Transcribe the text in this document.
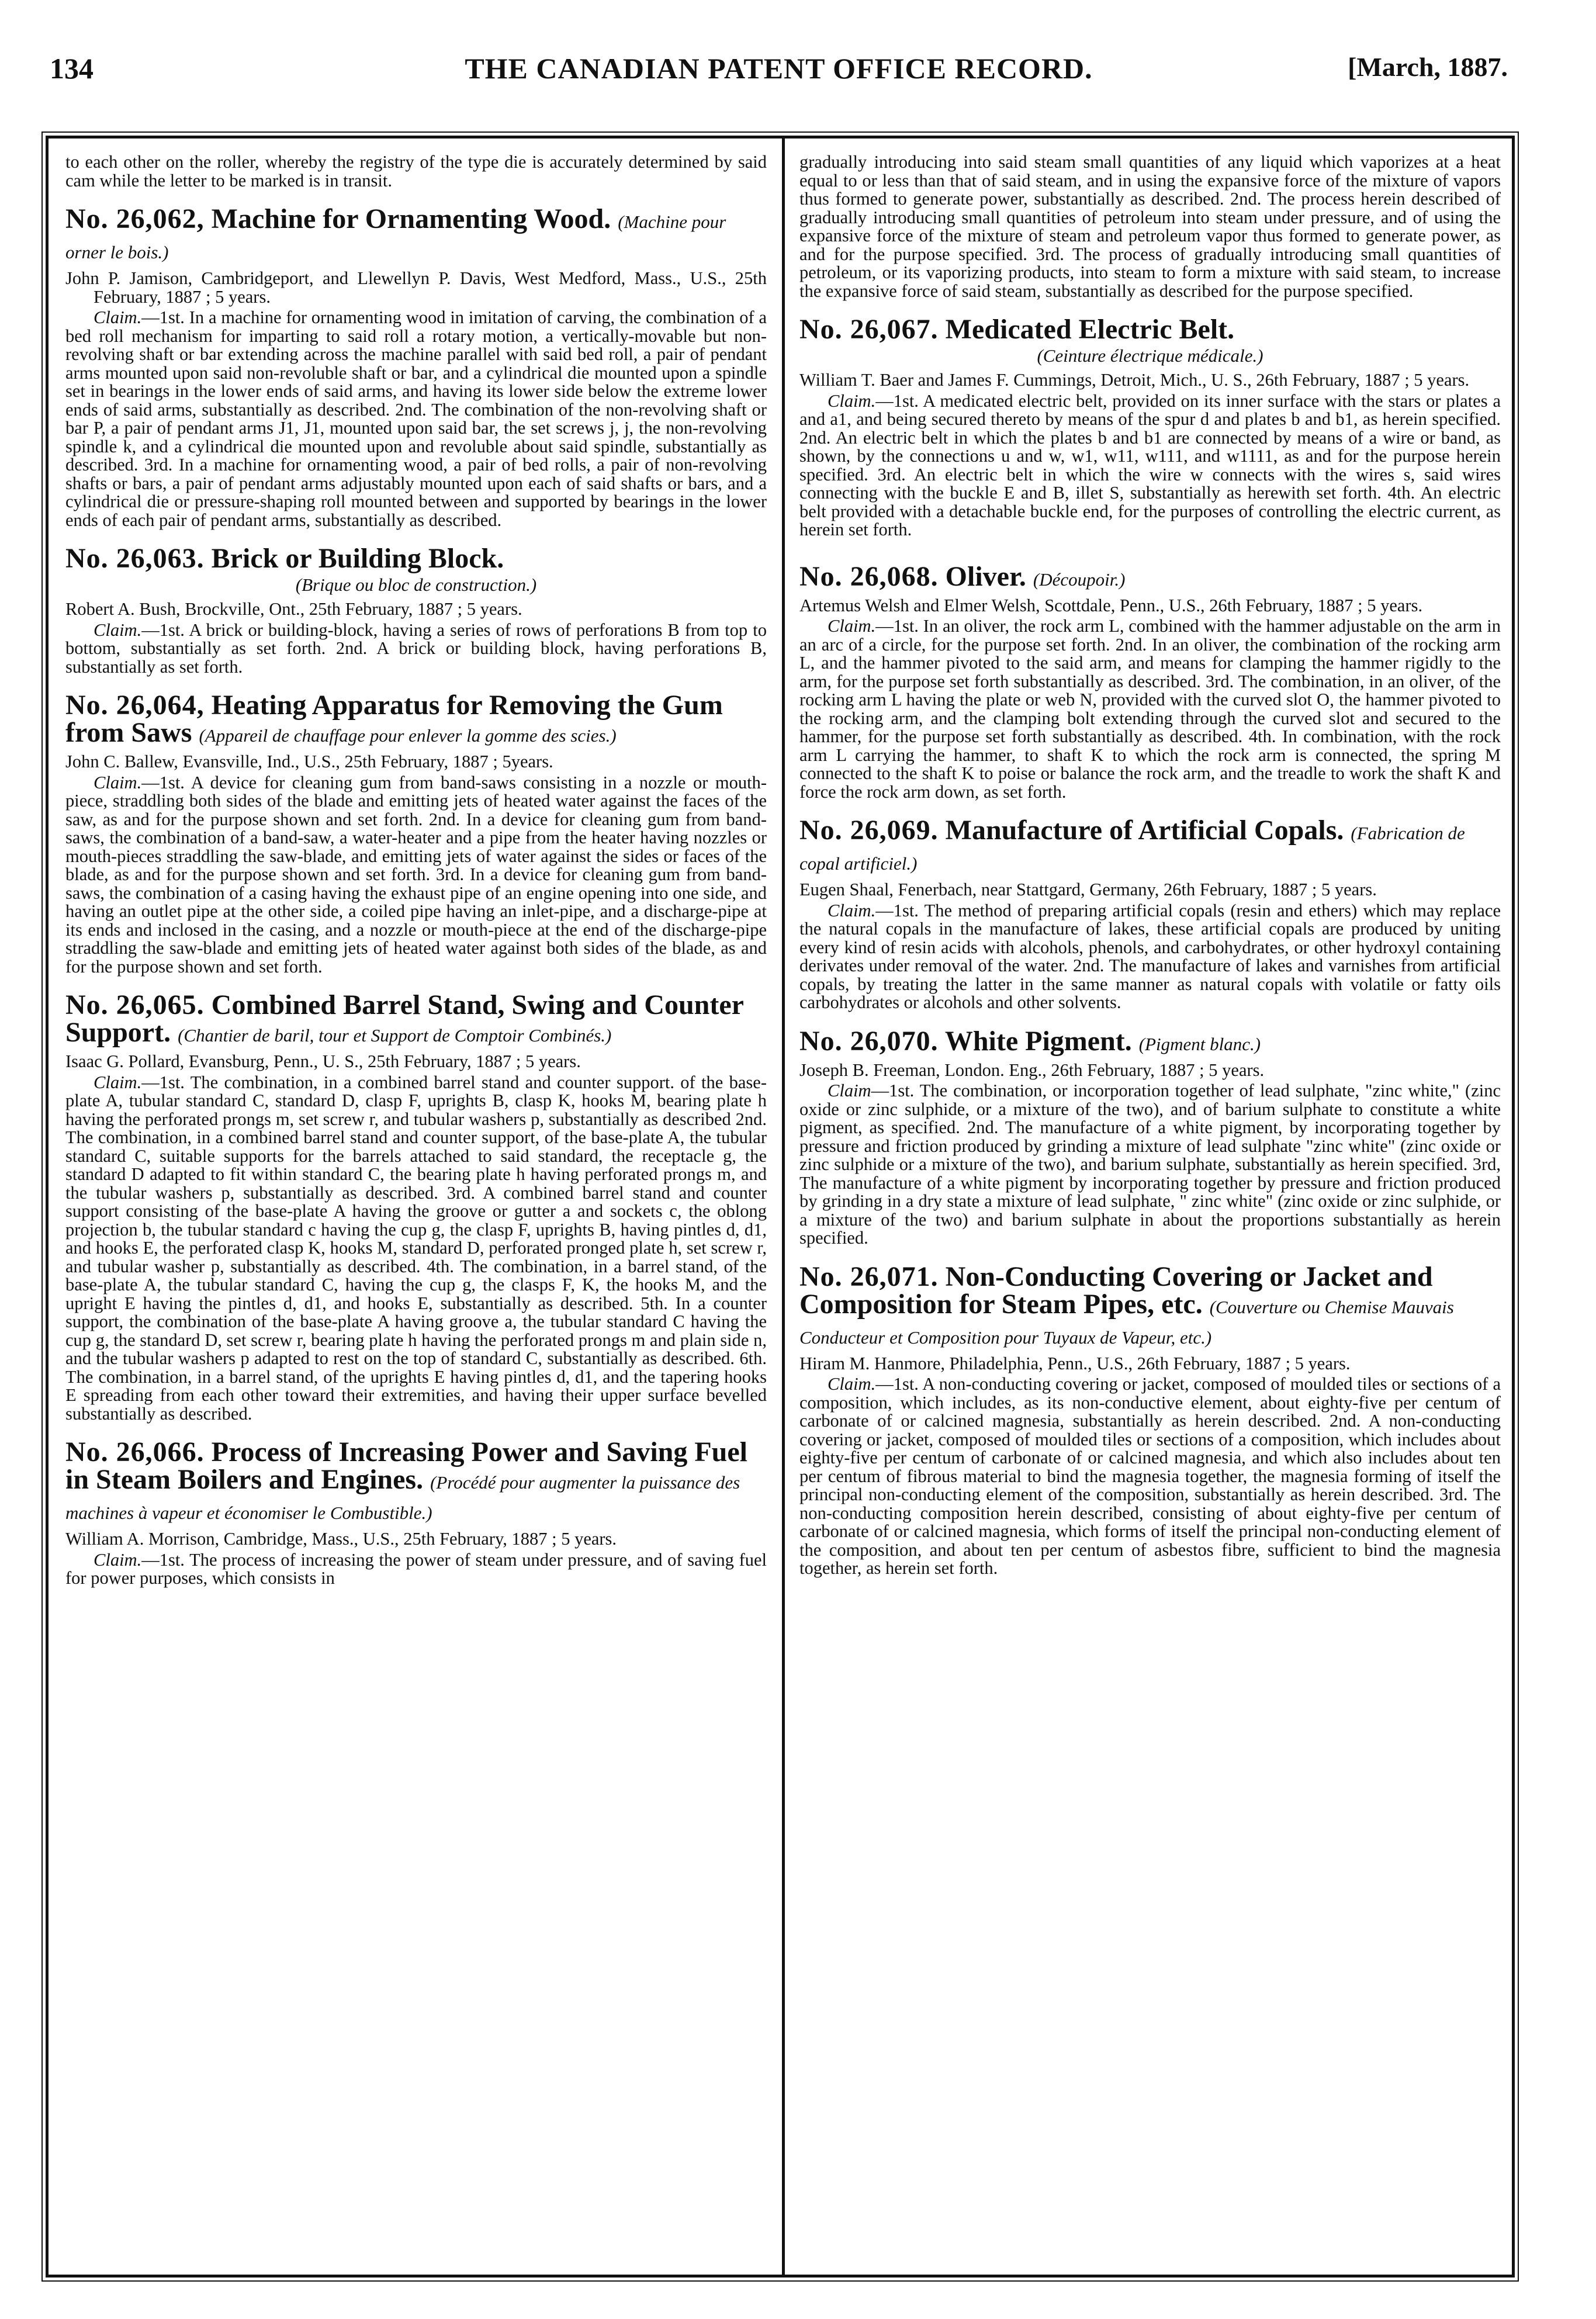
134	THE CANADIAN PATENT OFFICE RECORD.	[March, 1887.

to each other on the roller, whereby the registry of the type die is accurately determined by said cam while the letter to be marked is in transit.

No. 26,062, Machine for Ornamenting Wood. (Machine pour orner le bois.)

John P. Jamison, Cambridgeport, and Llewellyn P. Davis, West Medford, Mass., U.S., 25th February, 1887 ; 5 years.

Claim.—1st. In a machine for ornamenting wood in imitation of carving, the combination of a bed roll mechanism for imparting to said roll a rotary motion, a vertically-movable but non-revolving shaft or bar extending across the machine parallel with said bed roll, a pair of pendant arms mounted upon said non-revoluble shaft or bar, and a cylindrical die mounted upon a spindle set in bearings in the lower ends of said arms, and having its lower side below the extreme lower ends of said arms, substantially as described. 2nd. The combination of the non-revolving shaft or bar P, a pair of pendant arms J1, J1, mounted upon said bar, the set screws j, j, the non-revolving spindle k, and a cylindrical die mounted upon and revoluble about said spindle, substantially as described. 3rd. In a machine for ornamenting wood, a pair of bed rolls, a pair of non-revolving shafts or bars, a pair of pendant arms adjustably mounted upon each of said shafts or bars, and a cylindrical die or pressure-shaping roll mounted between and supported by bearings in the lower ends of each pair of pendant arms, substantially as described.

No. 26,063. Brick or Building Block.

(Brique ou bloc de construction.)

Robert A. Bush, Brockville, Ont., 25th February, 1887 ; 5 years.

Claim.—1st. A brick or building-block, having a series of rows of perforations B from top to bottom, substantially as set forth. 2nd. A brick or building block, having perforations B, substantially as set forth.

No. 26,064, Heating Apparatus for Removing the Gum from Saws (Appareil de chauffage pour enlever la gomme des scies.)

John C. Ballew, Evansville, Ind., U.S., 25th February, 1887 ; 5years.

Claim.—1st. A device for cleaning gum from band-saws consisting in a nozzle or mouth-piece, straddling both sides of the blade and emitting jets of heated water against the faces of the saw, as and for the purpose shown and set forth. 2nd. In a device for cleaning gum from band-saws, the combination of a band-saw, a water-heater and a pipe from the heater having nozzles or mouth-pieces straddling the saw-blade, and emitting jets of water against the sides or faces of the blade, as and for the purpose shown and set forth. 3rd. In a device for cleaning gum from band-saws, the combination of a casing having the exhaust pipe of an engine opening into one side, and having an outlet pipe at the other side, a coiled pipe having an inlet-pipe, and a discharge-pipe at its ends and inclosed in the casing, and a nozzle or mouth-piece at the end of the discharge-pipe straddling the saw-blade and emitting jets of heated water against both sides of the blade, as and for the purpose shown and set forth.

No. 26,065. Combined Barrel Stand, Swing and Counter Support. (Chantier de baril, tour et Support de Comptoir Combinés.)

Isaac G. Pollard, Evansburg, Penn., U. S., 25th February, 1887 ; 5 years.

Claim.—1st. The combination, in a combined barrel stand and counter support. of the base-plate A, tubular standard C, standard D, clasp F, uprights B, clasp K, hooks M, bearing plate h having the perforated prongs m, set screw r, and tubular washers p, substantially as described 2nd. The combination, in a combined barrel stand and counter support, of the base-plate A, the tubular standard C, suitable supports for the barrels attached to said standard, the receptacle g, the standard D adapted to fit within standard C, the bearing plate h having perforated prongs m, and the tubular washers p, substantially as described. 3rd. A combined barrel stand and counter support consisting of the base-plate A having the groove or gutter a and sockets c, the oblong projection b, the tubular standard c having the cup g, the clasp F, uprights B, having pintles d, d1, and hooks E, the perforated clasp K, hooks M, standard D, perforated pronged plate h, set screw r, and tubular washer p, substantially as described. 4th. The combination, in a barrel stand, of the base-plate A, the tubular standard C, having the cup g, the clasps F, K, the hooks M, and the upright E having the pintles d, d1, and hooks E, substantially as described. 5th. In a counter support, the combination of the base-plate A having groove a, the tubular standard C having the cup g, the standard D, set screw r, bearing plate h having the perforated prongs m and plain side n, and the tubular washers p adapted to rest on the top of standard C, substantially as described. 6th. The combination, in a barrel stand, of the uprights E having pintles d, d1, and the tapering hooks E spreading from each other toward their extremities, and having their upper surface bevelled substantially as described.

No. 26,066. Process of Increasing Power and Saving Fuel in Steam Boilers and Engines. (Procédé pour augmenter la puissance des machines à vapeur et économiser le Combustible.)

William A. Morrison, Cambridge, Mass., U.S., 25th February, 1887 ; 5 years.

Claim.—1st. The process of increasing the power of steam under pressure, and of saving fuel for power purposes, which consists in

gradually introducing into said steam small quantities of any liquid which vaporizes at a heat equal to or less than that of said steam, and in using the expansive force of the mixture of vapors thus formed to generate power, substantially as described. 2nd. The process herein described of gradually introducing small quantities of petroleum into steam under pressure, and of using the expansive force of the mixture of steam and petroleum vapor thus formed to generate power, as and for the purpose specified. 3rd. The process of gradually introducing small quantities of petroleum, or its vaporizing products, into steam to form a mixture with said steam, to increase the expansive force of said steam, substantially as described for the purpose specified.

No. 26,067. Medicated Electric Belt.

(Ceinture électrique médicale.)

William T. Baer and James F. Cummings, Detroit, Mich., U. S., 26th February, 1887 ; 5 years.

Claim.—1st. A medicated electric belt, provided on its inner surface with the stars or plates a and a1, and being secured thereto by means of the spur d and plates b and b1, as herein specified. 2nd. An electric belt in which the plates b and b1 are connected by means of a wire or band, as shown, by the connections u and w, w1, w11, w111, and w1111, as and for the purpose herein specified. 3rd. An electric belt in which the wire w connects with the wires s, said wires connecting with the buckle E and B, illet S, substantially as herewith set forth. 4th. An electric belt provided with a detachable buckle end, for the purposes of controlling the electric current, as herein set forth.

No. 26,068. Oliver. (Découpoir.)

Artemus Welsh and Elmer Welsh, Scottdale, Penn., U.S., 26th February, 1887 ; 5 years.

Claim.—1st. In an oliver, the rock arm L, combined with the hammer adjustable on the arm in an arc of a circle, for the purpose set forth. 2nd. In an oliver, the combination of the rocking arm L, and the hammer pivoted to the said arm, and means for clamping the hammer rigidly to the arm, for the purpose set forth substantially as described. 3rd. The combination, in an oliver, of the rocking arm L having the plate or web N, provided with the curved slot O, the hammer pivoted to the rocking arm, and the clamping bolt extending through the curved slot and secured to the hammer, for the purpose set forth substantially as described. 4th. In combination, with the rock arm L carrying the hammer, to shaft K to which the rock arm is connected, the spring M connected to the shaft K to poise or balance the rock arm, and the treadle to work the shaft K and force the rock arm down, as set forth.

No. 26,069. Manufacture of Artificial Copals. (Fabrication de copal artificiel.)

Eugen Shaal, Fenerbach, near Stattgard, Germany, 26th February, 1887 ; 5 years.

Claim.—1st. The method of preparing artificial copals (resin and ethers) which may replace the natural copals in the manufacture of lakes, these artificial copals are produced by uniting every kind of resin acids with alcohols, phenols, and carbohydrates, or other hydroxyl containing derivates under removal of the water. 2nd. The manufacture of lakes and varnishes from artificial copals, by treating the latter in the same manner as natural copals with volatile or fatty oils carbohydrates or alcohols and other solvents.

No. 26,070. White Pigment. (Pigment blanc.)

Joseph B. Freeman, London. Eng., 26th February, 1887 ; 5 years.

Claim—1st. The combination, or incorporation together of lead sulphate, "zinc white," (zinc oxide or zinc sulphide, or a mixture of the two), and of barium sulphate to constitute a white pigment, as specified. 2nd. The manufacture of a white pigment, by incorporating together by pressure and friction produced by grinding a mixture of lead sulphate "zinc white" (zinc oxide or zinc sulphide or a mixture of the two), and barium sulphate, substantially as herein specified. 3rd, The manufacture of a white pigment by incorporating together by pressure and friction produced by grinding in a dry state a mixture of lead sulphate, " zinc white" (zinc oxide or zinc sulphide, or a mixture of the two) and barium sulphate in about the proportions substantially as herein specified.

No. 26,071. Non-Conducting Covering or Jacket and Composition for Steam Pipes, etc. (Couverture ou Chemise Mauvais Conducteur et Composition pour Tuyaux de Vapeur, etc.)

Hiram M. Hanmore, Philadelphia, Penn., U.S., 26th February, 1887 ; 5 years.

Claim.—1st. A non-conducting covering or jacket, composed of moulded tiles or sections of a composition, which includes, as its non-conductive element, about eighty-five per centum of carbonate of or calcined magnesia, substantially as herein described. 2nd. A non-conducting covering or jacket, composed of moulded tiles or sections of a composition, which includes about eighty-five per centum of carbonate of or calcined magnesia, and which also includes about ten per centum of fibrous material to bind the magnesia together, the magnesia forming of itself the principal non-conducting element of the composition, substantially as herein described. 3rd. The non-conducting composition herein described, consisting of about eighty-five per centum of carbonate of or calcined magnesia, which forms of itself the principal non-conducting element of the composition, and about ten per centum of asbestos fibre, sufficient to bind the magnesia together, as herein set forth.
